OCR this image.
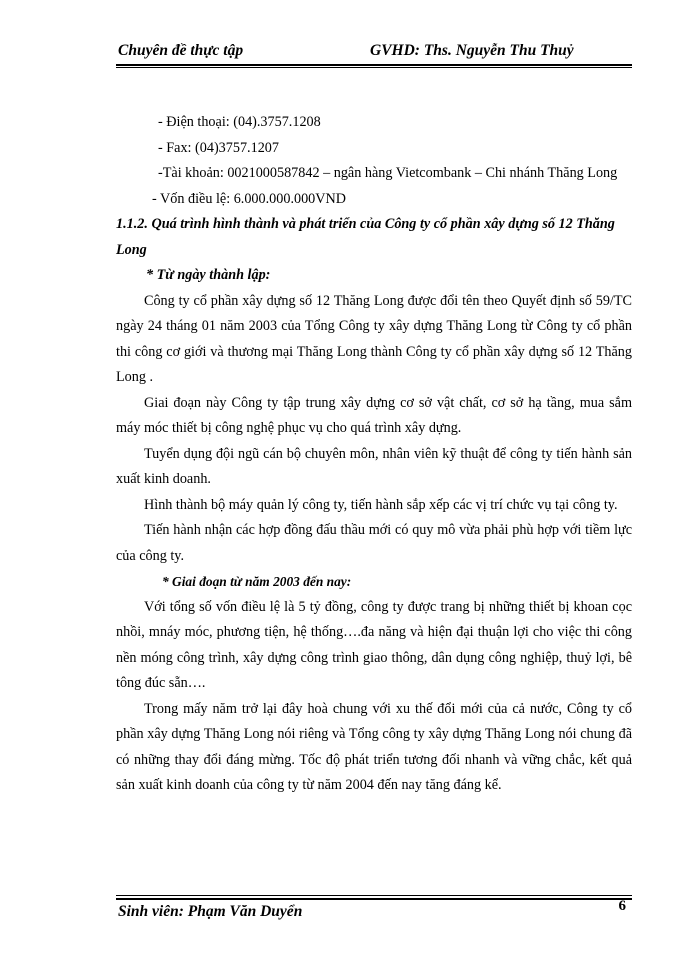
Chuyên đề thực tập	GVHD: Ths. Nguyễn Thu Thuỷ

- Điện thoại: (04).3757.1208

- Fax: (04)3757.1207

-Tài khoản: 0021000587842 – ngân hàng Vietcombank – Chi nhánh Thăng Long

- Vốn điều lệ: 6.000.000.000VND

1.1.2. Quá trình hình thành và phát triển của Công ty cổ phần xây dựng số 12 Thăng Long

* Từ ngày thành lập:

Công ty cổ phần xây dựng số 12 Thăng Long được đổi tên theo Quyết định số 59/TC ngày 24 tháng 01 năm 2003 của Tổng Công ty xây dựng Thăng Long từ Công ty cổ phần thi công cơ giới và thương mại Thăng Long thành Công ty cổ phần xây dựng số 12 Thăng Long .

Giai đoạn này Công ty tập trung xây dựng cơ sở vật chất, cơ sở hạ tầng, mua sắm máy móc thiết bị công nghệ phục vụ cho quá trình xây dựng.

Tuyển dụng đội ngũ cán bộ chuyên môn, nhân viên kỹ thuật để công ty tiến hành sản xuất kinh doanh.

Hình thành bộ máy quản lý công ty, tiến hành sắp xếp các vị trí chức vụ tại công ty.

Tiến hành nhận các hợp đồng đấu thầu mới có quy mô vừa phải phù hợp với tiềm lực của công ty.

* Giai đoạn từ năm 2003 đến nay:

Với tổng số vốn điều lệ là 5 tỷ đồng, công ty được trang bị những thiết bị khoan cọc nhồi, mnáy móc, phương tiện, hệ thống….đa năng và hiện đại thuận lợi cho việc thi công nền móng công trình, xây dựng công trình giao thông, dân dụng công nghiệp, thuỷ lợi, bê tông đúc sẵn….

Trong mấy năm trở lại đây hoà chung với xu thế đổi mới của cả nước, Công ty cổ phần xây dựng Thăng Long nói riêng và Tổng công ty xây dựng Thăng Long nói chung đã có những thay đổi đáng mừng. Tốc độ phát triển tương đối nhanh và vững chắc, kết quả sản xuất kinh doanh của công ty từ năm 2004 đến nay tăng đáng kể.

Sinh viên: Phạm Văn Duyển	6
